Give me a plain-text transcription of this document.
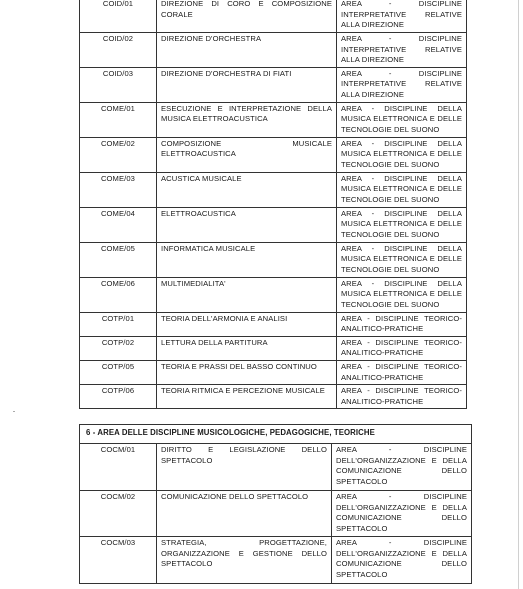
COID/01	DIREZIONE DI CORO E COMPOSIZIONE CORALE	AREA - DISCIPLINE
INTERPRETATIVE RELATIVE
ALLA DIREZIONE

COID/02	DIREZIONE D'ORCHESTRA	AREA - DISCIPLINE
INTERPRETATIVE RELATIVE
ALLA DIREZIONE

COID/03	DIREZIONE D'ORCHESTRA DI FIATI	AREA - DISCIPLINE
INTERPRETATIVE RELATIVE
ALLA DIREZIONE

COME/01	ESECUZIONE E INTERPRETAZIONE DELLA MUSICA ELETTROACUSTICA	AREA - DISCIPLINE DELLA
MUSICA ELETTRONICA E DELLE
TECNOLOGIE DEL SUONO

COME/02	COMPOSIZIONE MUSICALE ELETTROACUSTICA	AREA - DISCIPLINE DELLA
MUSICA ELETTRONICA E DELLE
TECNOLOGIE DEL SUONO

COME/03	ACUSTICA MUSICALE	AREA - DISCIPLINE DELLA
MUSICA ELETTRONICA E DELLE
TECNOLOGIE DEL SUONO

COME/04	ELETTROACUSTICA	AREA - DISCIPLINE DELLA
MUSICA ELETTRONICA E DELLE
TECNOLOGIE DEL SUONO

COME/05	INFORMATICA MUSICALE	AREA - DISCIPLINE DELLA
MUSICA ELETTRONICA E DELLE
TECNOLOGIE DEL SUONO

COME/06	MULTIMEDIALITA'	AREA - DISCIPLINE DELLA
MUSICA ELETTRONICA E DELLE
TECNOLOGIE DEL SUONO

COTP/01	TEORIA DELL'ARMONIA E ANALISI	AREA - DISCIPLINE TEORICO-
ANALITICO-PRATICHE

COTP/02	LETTURA DELLA PARTITURA	AREA - DISCIPLINE TEORICO-
ANALITICO-PRATICHE

COTP/05	TEORIA E PRASSI DEL BASSO CONTINUO	AREA - DISCIPLINE TEORICO-
ANALITICO-PRATICHE

COTP/06	TEORIA RITMICA E PERCEZIONE MUSICALE	AREA - DISCIPLINE TEORICO-
ANALITICO-PRATICHE
6 - AREA DELLE DISCIPLINE MUSICOLOGICHE, PEDAGOGICHE, TEORICHE		
COCM/01	DIRITTO E LEGISLAZIONE DELLO SPETTACOLO	AREA - DISCIPLINE
DELL'ORGANIZZAZIONE E DELLA
COMUNICAZIONE DELLO
SPETTACOLO

COCM/02	COMUNICAZIONE DELLO SPETTACOLO	AREA - DISCIPLINE
DELL'ORGANIZZAZIONE E DELLA
COMUNICAZIONE DELLO
SPETTACOLO

COCM/03	STRATEGIA, PROGETTAZIONE, ORGANIZZAZIONE E GESTIONE DELLO SPETTACOLO	AREA - DISCIPLINE
DELL'ORGANIZZAZIONE E DELLA
COMUNICAZIONE DELLO
SPETTACOLO
